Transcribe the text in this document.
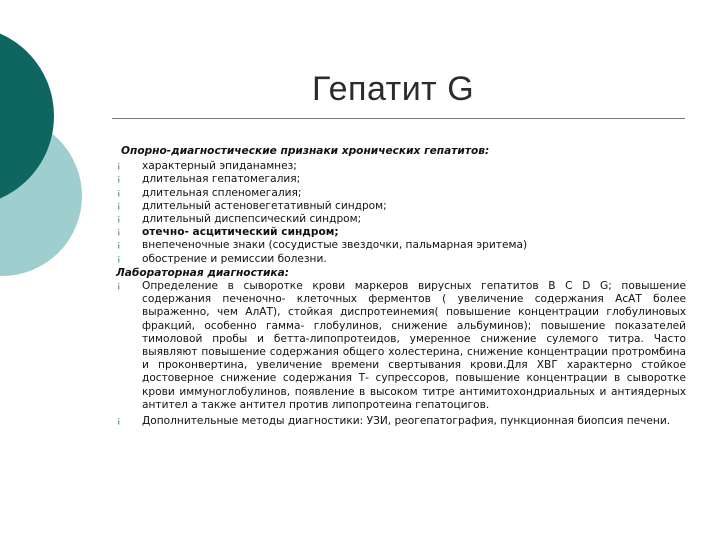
Гепатит G
Опорно-диагностические признаки хронических гепатитов:
¡ характерный эпиданамнез;
¡ длительная гепатомегалия;
¡ длительная спленомегалия;
¡ длительный астеновегетативный синдром;
¡ длительный диспепсический синдром;
¡ отечно- асцитический синдром;
¡ внепеченочные знаки (сосудистые звездочки, пальмарная эритема)
¡ обострение и ремиссии болезни.
Лабораторная диагностика:
¡ Определение в сыворотке крови маркеров вирусных гепатитов B C D G; повышение содержания печеночно- клеточных ферментов ( увеличение содержания АсАТ более выраженно, чем АлАТ), стойкая диспротеинемия( повышение концентрации глобулиновых фракций, особенно гамма- глобулинов, снижение альбуминов); повышение показателей тимоловой пробы и бетта-липопротеидов, умеренное снижение сулемого титра. Часто выявляют повышение содержания общего холестерина, снижение концентрации протромбина и проконвертина, увеличение времени свертывания крови.Для ХВГ характерно стойкое достоверное снижение содержания Т- супрессоров, повышение концентрации в сыворотке крови иммуноглобулинов, появление в высоком титре антимитохондриальных и антиядерных антител а также антител против липопротеина гепатоцигов.
¡ Дополнительные методы диагностики: УЗИ, реогепатография, пункционная биопсия печени.
